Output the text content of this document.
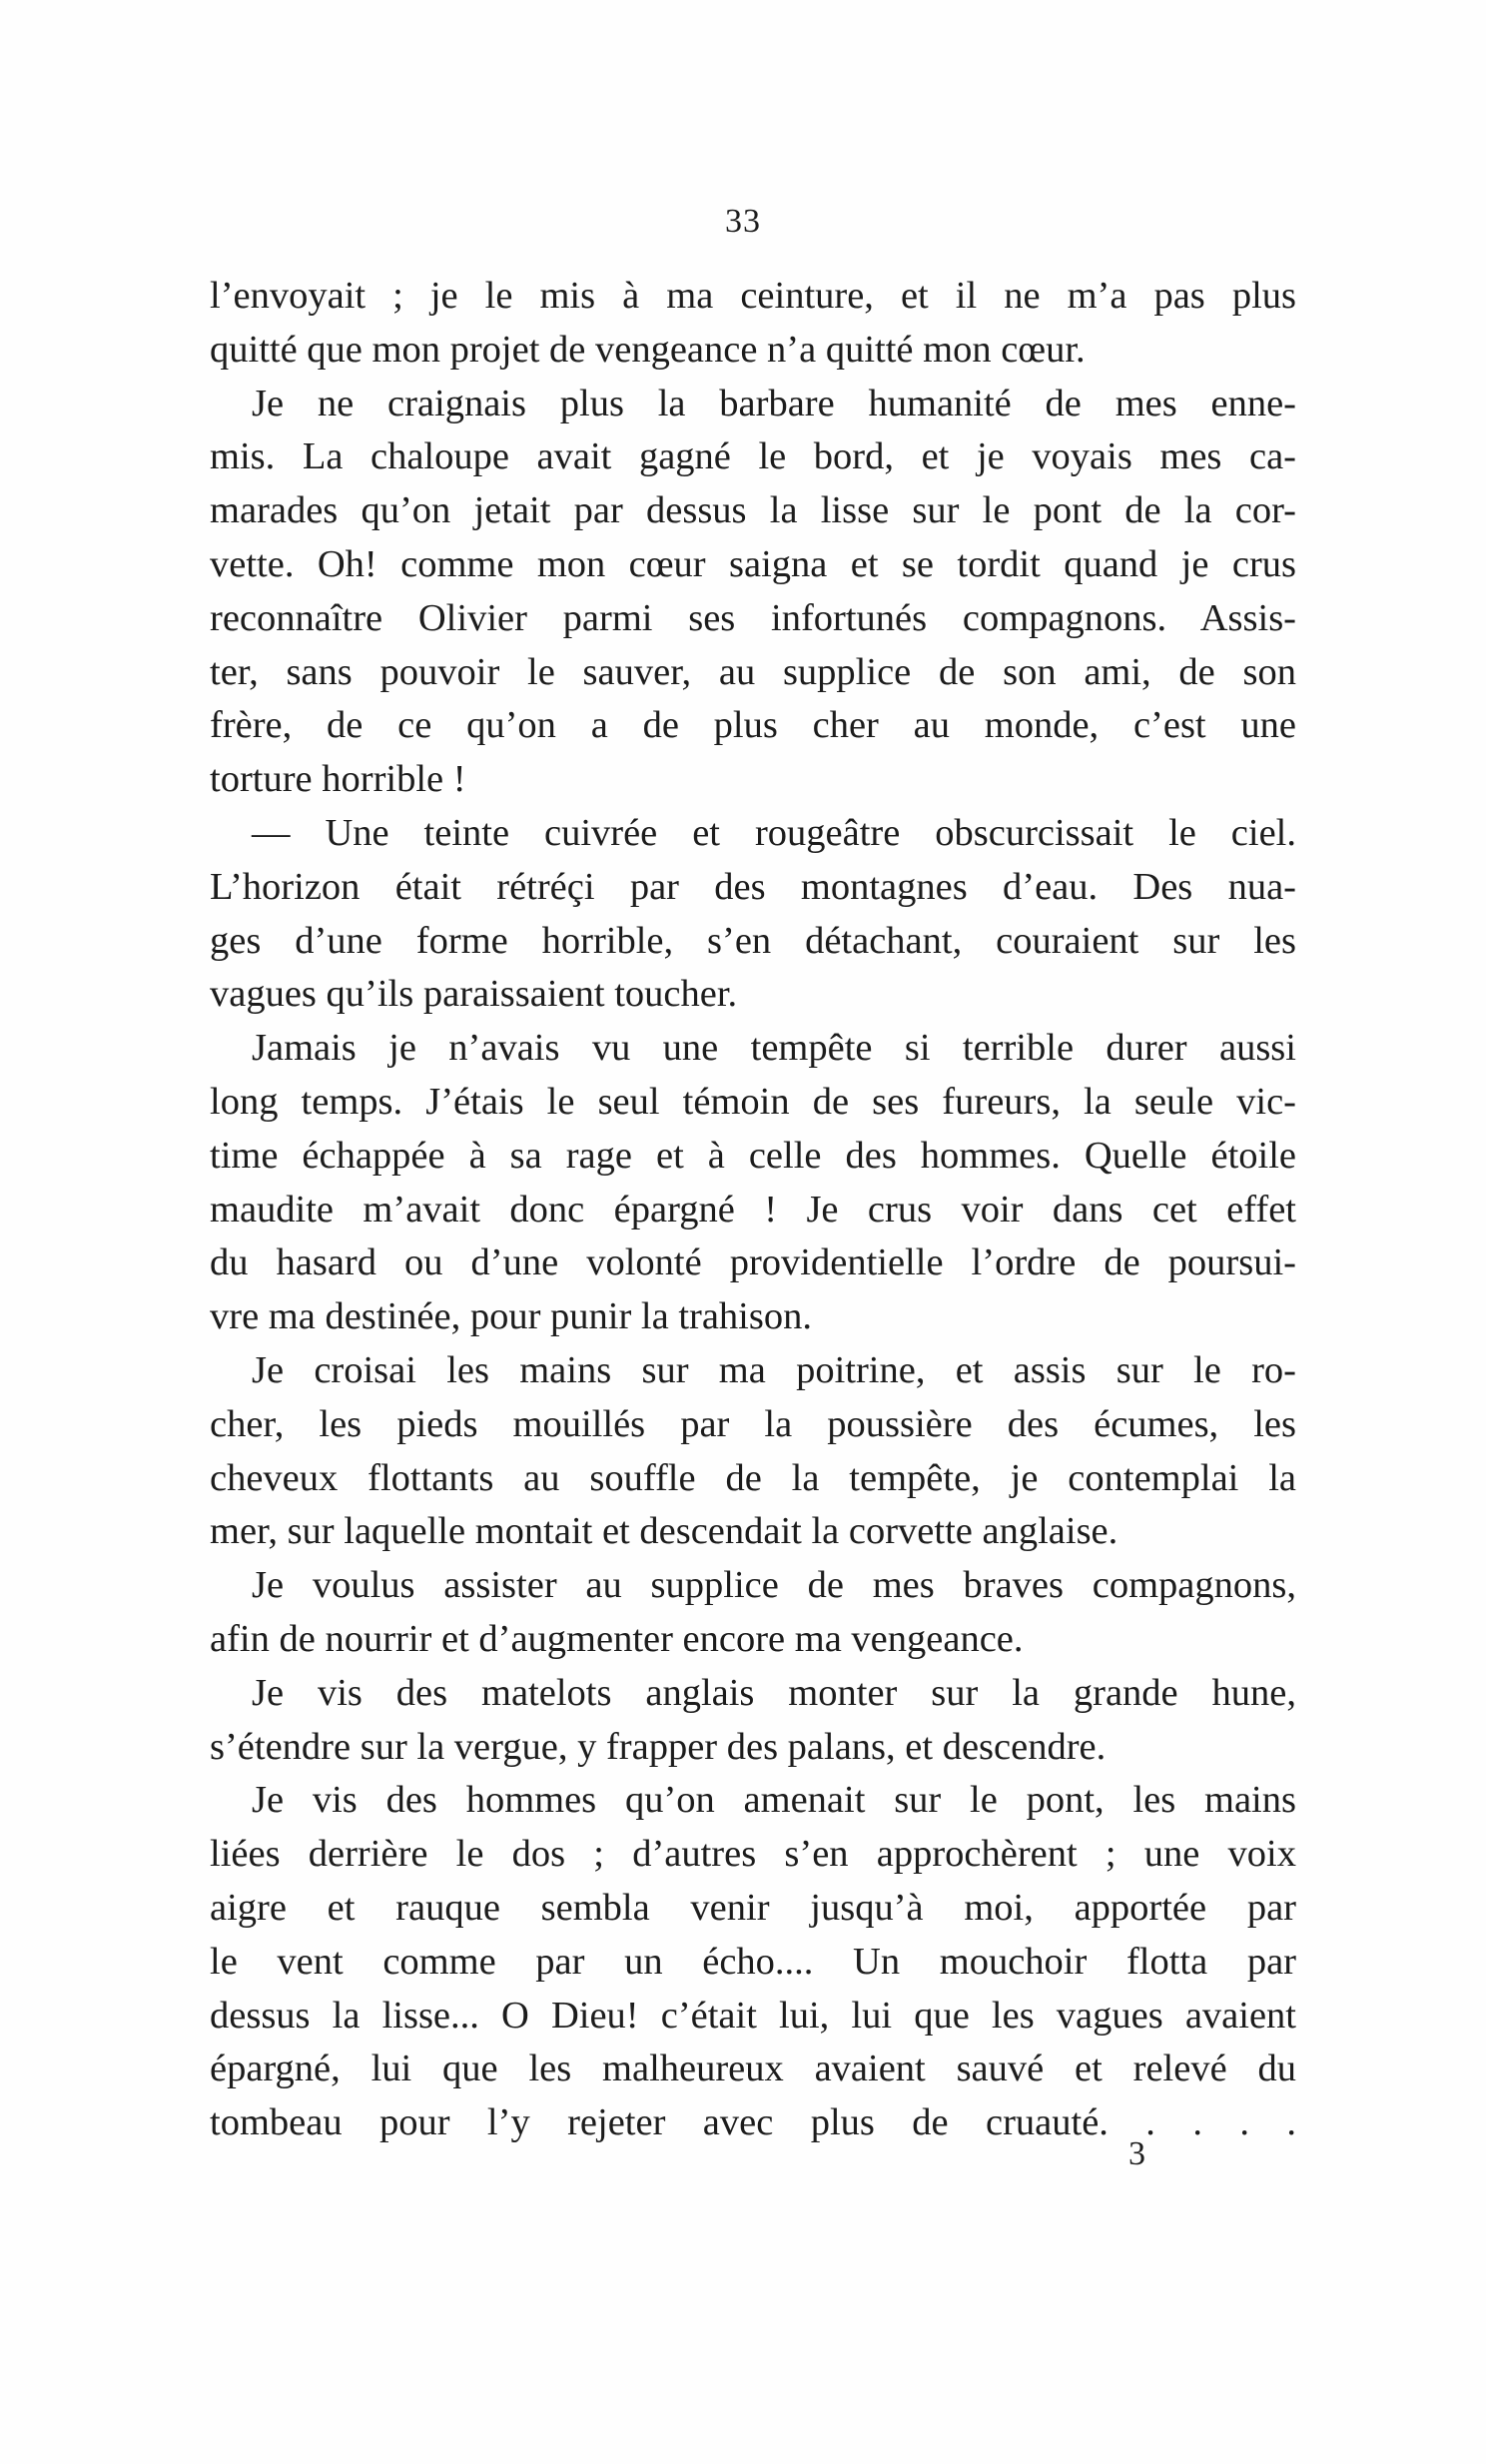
33
l’envoyait ; je le mis à ma ceinture, et il ne m’a pas plus
quitté que mon projet de vengeance n’a quitté mon cœur.
Je ne craignais plus la barbare humanité de mes enne-
mis. La chaloupe avait gagné le bord, et je voyais mes ca-
marades qu’on jetait par dessus la lisse sur le pont de la cor-
vette. Oh! comme mon cœur saigna et se tordit quand je crus
reconnaître Olivier parmi ses infortunés compagnons. Assis-
ter, sans pouvoir le sauver, au supplice de son ami, de son
frère, de ce qu’on a de plus cher au monde, c’est une
torture horrible !
— Une teinte cuivrée et rougeâtre obscurcissait le ciel.
L’horizon était rétréçi par des montagnes d’eau. Des nua-
ges d’une forme horrible, s’en détachant, couraient sur les
vagues qu’ils paraissaient toucher.
Jamais je n’avais vu une tempête si terrible durer aussi
long temps. J’étais le seul témoin de ses fureurs, la seule vic-
time échappée à sa rage et à celle des hommes. Quelle étoile
maudite m’avait donc épargné ! Je crus voir dans cet effet
du hasard ou d’une volonté providentielle l’ordre de poursui-
vre ma destinée, pour punir la trahison.
Je croisai les mains sur ma poitrine, et assis sur le ro-
cher, les pieds mouillés par la poussière des écumes, les
cheveux flottants au souffle de la tempête, je contemplai la
mer, sur laquelle montait et descendait la corvette anglaise.
Je voulus assister au supplice de mes braves compagnons,
afin de nourrir et d’augmenter encore ma vengeance.
Je vis des matelots anglais monter sur la grande hune,
s’étendre sur la vergue, y frapper des palans, et descendre.
Je vis des hommes qu’on amenait sur le pont, les mains
liées derrière le dos ; d’autres s’en approchèrent ; une voix
aigre et rauque sembla venir jusqu’à moi, apportée par
le vent comme par un écho.... Un mouchoir flotta par
dessus la lisse... O Dieu! c’était lui, lui que les vagues avaient
épargné, lui que les malheureux avaient sauvé et relevé du
tombeau pour l’y rejeter avec plus de cruauté. . . . .
3
